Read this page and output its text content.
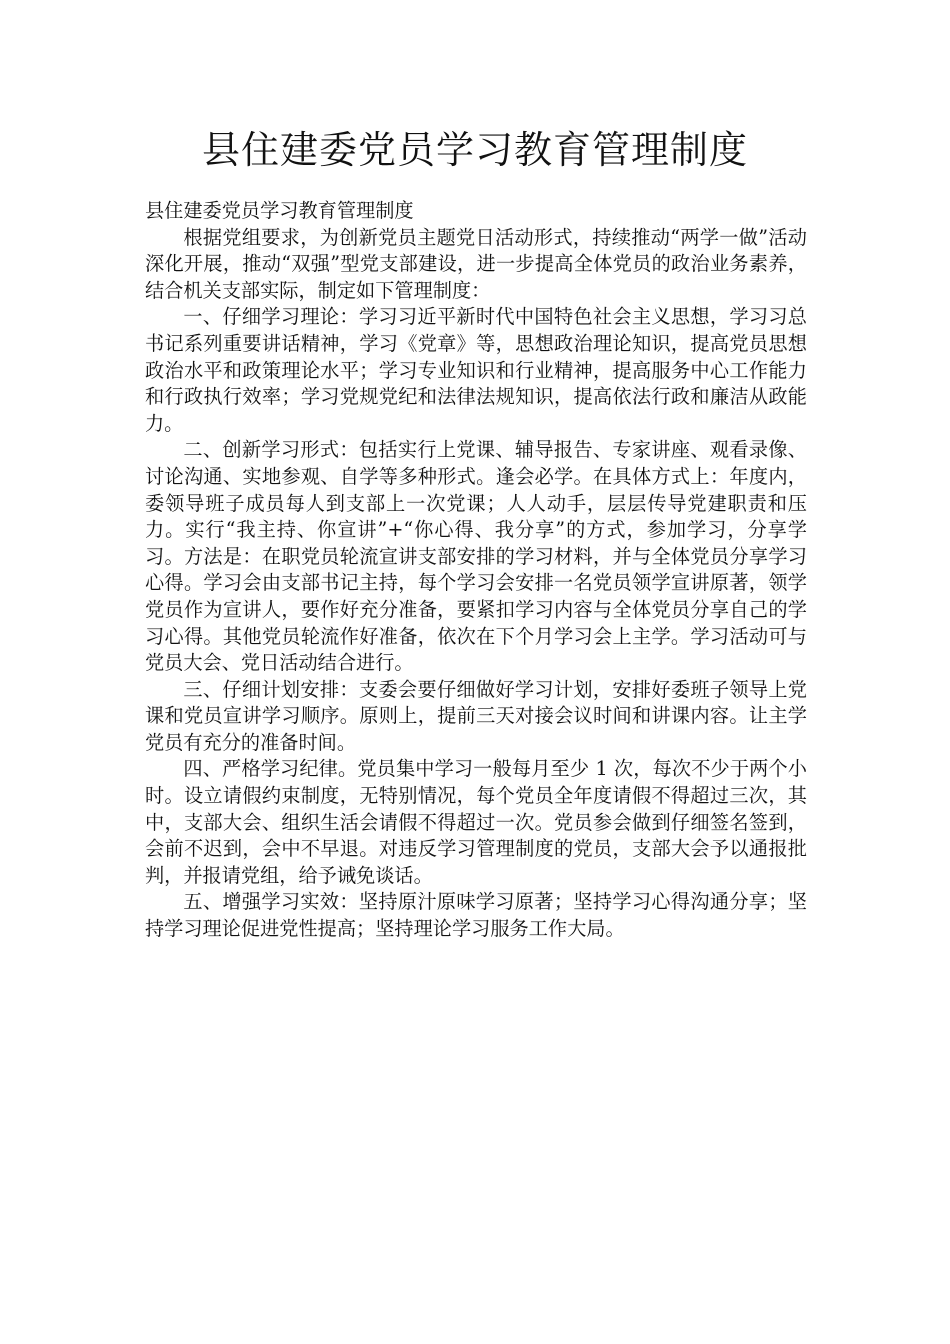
县住建委党员学习教育管理制度

县住建委党员学习教育管理制度

根据党组要求，为创新党员主题党日活动形式，持续推动“两学一做”活动深化开展，推动“双强”型党支部建设，进一步提高全体党员的政治业务素养，结合机关支部实际，制定如下管理制度：

一、仔细学习理论：学习习近平新时代中国特色社会主义思想，学习习总书记系列重要讲话精神，学习《党章》等，思想政治理论知识，提高党员思想政治水平和政策理论水平；学习专业知识和行业精神，提高服务中心工作能力和行政执行效率；学习党规党纪和法律法规知识，提高依法行政和廉洁从政能力。

二、创新学习形式：包括实行上党课、辅导报告、专家讲座、观看录像、讨论沟通、实地参观、自学等多种形式。逢会必学。在具体方式上：年度内，委领导班子成员每人到支部上一次党课；人人动手，层层传导党建职责和压力。实行“我主持、你宣讲”+“你心得、我分享”的方式，参加学习，分享学习。方法是：在职党员轮流宣讲支部安排的学习材料，并与全体党员分享学习心得。学习会由支部书记主持，每个学习会安排一名党员领学宣讲原著，领学党员作为宣讲人，要作好充分准备，要紧扣学习内容与全体党员分享自己的学习心得。其他党员轮流作好准备，依次在下个月学习会上主学。学习活动可与党员大会、党日活动结合进行。

三、仔细计划安排：支委会要仔细做好学习计划，安排好委班子领导上党课和党员宣讲学习顺序。原则上，提前三天对接会议时间和讲课内容。让主学党员有充分的准备时间。

四、严格学习纪律。党员集中学习一般每月至少 1 次，每次不少于两个小时。设立请假约束制度，无特别情况，每个党员全年度请假不得超过三次，其中，支部大会、组织生活会请假不得超过一次。党员参会做到仔细签名签到，会前不迟到，会中不早退。对违反学习管理制度的党员，支部大会予以通报批判，并报请党组，给予诫免谈话。

五、增强学习实效：坚持原汁原味学习原著；坚持学习心得沟通分享；坚持学习理论促进党性提高；坚持理论学习服务工作大局。
